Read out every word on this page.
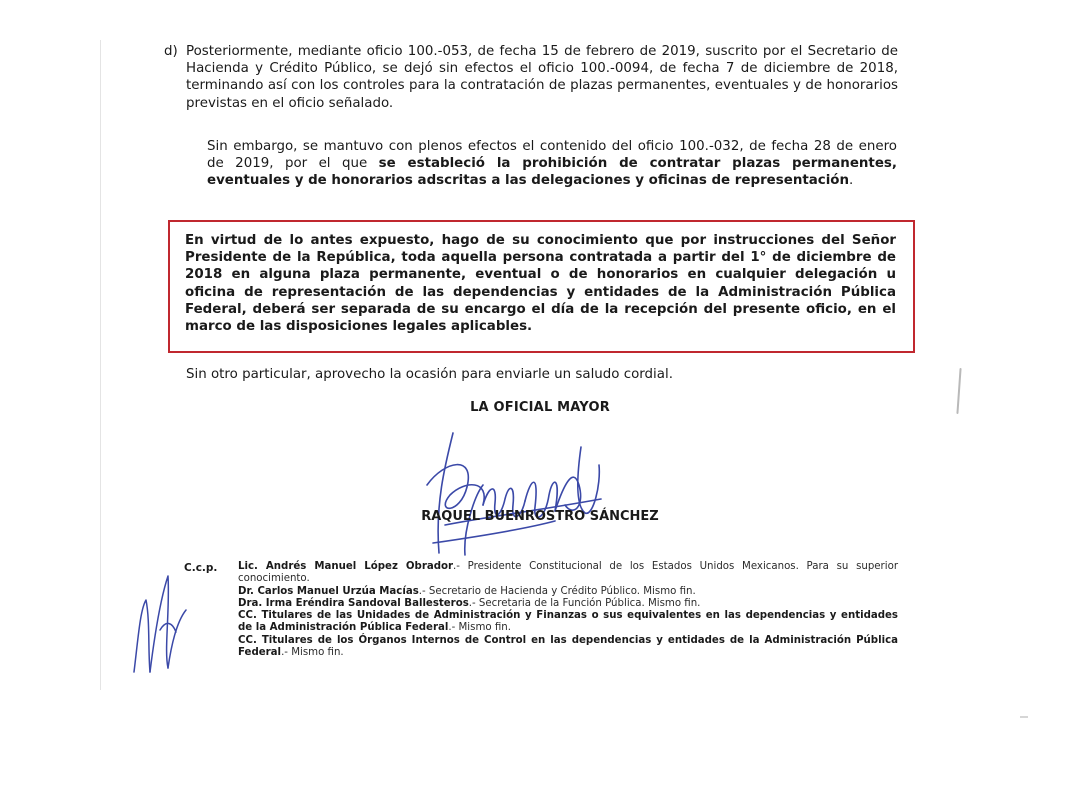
d) Posteriormente, mediante oficio 100.-053, de fecha 15 de febrero de 2019, suscrito por el Secretario de Hacienda y Crédito Público, se dejó sin efectos el oficio 100.-0094, de fecha 7 de diciembre de 2018, terminando así con los controles para la contratación de plazas permanentes, eventuales y de honorarios previstas en el oficio señalado.

Sin embargo, se mantuvo con plenos efectos el contenido del oficio 100.-032, de fecha 28 de enero de 2019, por el que se estableció la prohibición de contratar plazas permanentes, eventuales y de honorarios adscritas a las delegaciones y oficinas de representación.

En virtud de lo antes expuesto, hago de su conocimiento que por instrucciones del Señor Presidente de la República, toda aquella persona contratada a partir del 1° de diciembre de 2018 en alguna plaza permanente, eventual o de honorarios en cualquier delegación u oficina de representación de las dependencias y entidades de la Administración Pública Federal, deberá ser separada de su encargo el día de la recepción del presente oficio, en el marco de las disposiciones legales aplicables.

Sin otro particular, aprovecho la ocasión para enviarle un saludo cordial.

LA OFICIAL MAYOR
RAQUEL BUENROSTRO SÁNCHEZ
C.c.p. Lic. Andrés Manuel López Obrador.- Presidente Constitucional de los Estados Unidos Mexicanos. Para su superior conocimiento.

Dr. Carlos Manuel Urzúa Macías.- Secretario de Hacienda y Crédito Público. Mismo fin.

Dra. Irma Eréndira Sandoval Ballesteros.- Secretaria de la Función Pública. Mismo fin.

CC. Titulares de las Unidades de Administración y Finanzas o sus equivalentes en las dependencias y entidades de la Administración Pública Federal.- Mismo fin.

CC. Titulares de los Órganos Internos de Control en las dependencias y entidades de la Administración Pública Federal.- Mismo fin.
